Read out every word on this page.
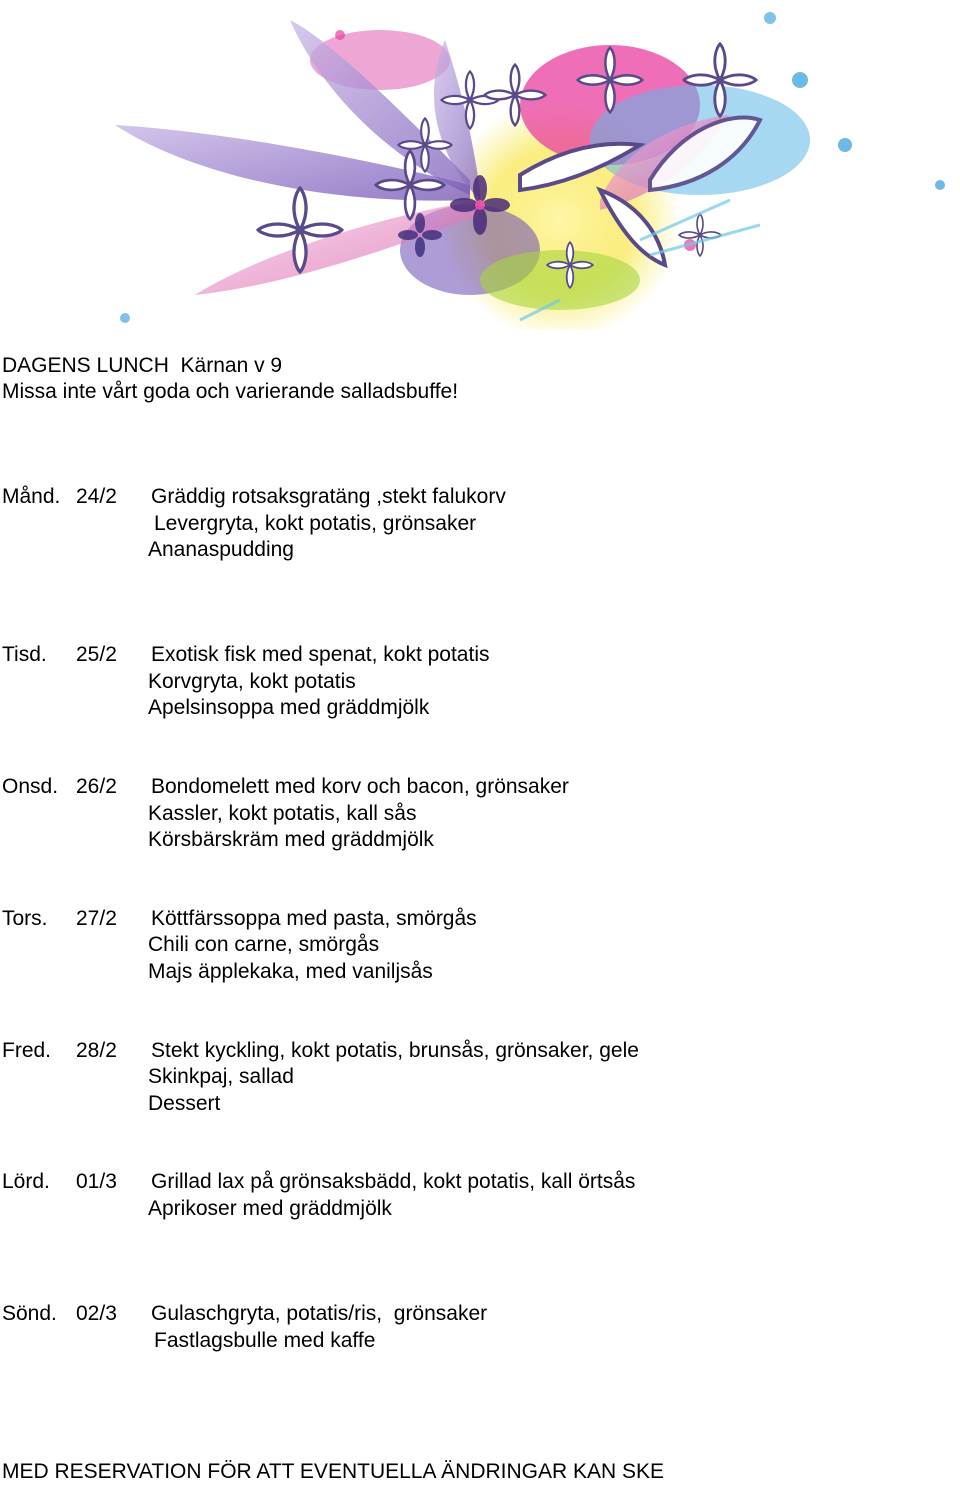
DAGENS LUNCH  Kärnan v 9
Missa inte vårt goda och varierande salladsbuffe!
Månd. 24/2 Gräddig rotsaksgratäng ,stekt falukorv
Levergryta, kokt potatis, grönsaker
Ananaspudding
Tisd. 25/2 Exotisk fisk med spenat, kokt potatis
Korvgryta, kokt potatis
Apelsinsoppa med gräddmjölk
Onsd. 26/2 Bondomelett med korv och bacon, grönsaker
Kassler, kokt potatis, kall sås
Körsbärskräm med gräddmjölk
Tors. 27/2 Köttfärssoppa med pasta, smörgås
Chili con carne, smörgås
Majs äpplekaka, med vaniljsås
Fred. 28/2 Stekt kyckling, kokt potatis, brunsås, grönsaker, gele
Skinkpaj, sallad
Dessert
Lörd. 01/3 Grillad lax på grönsaksbädd, kokt potatis, kall örtsås
Aprikoser med gräddmjölk
Sönd. 02/3 Gulaschgryta, potatis/ris,  grönsaker
Fastlagsbulle med kaffe
MED RESERVATION FÖR ATT EVENTUELLA ÄNDRINGAR KAN SKE
